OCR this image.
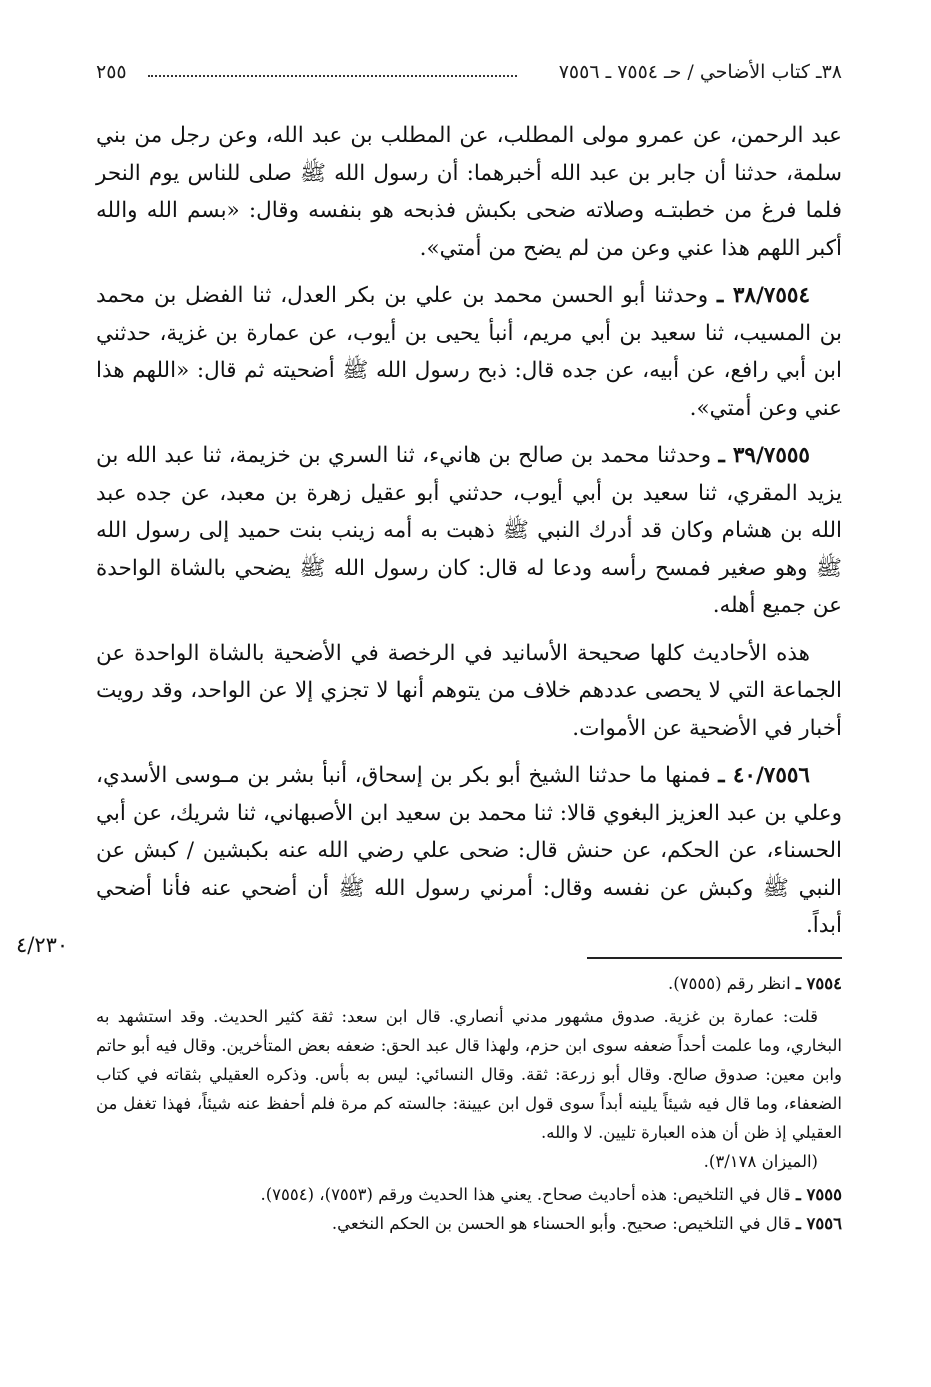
٣٨ـ كتاب الأضاحي / حـ ٧٥٥٤ ـ ٧٥٥٦
٢٥٥

عبد الرحمن، عن عمرو مولى المطلب، عن المطلب بن عبد الله، وعن رجل من بني سلمة، حدثنا أن جابر بن عبد الله أخبرهما: أن رسول الله ﷺ صلى للناس يوم النحر فلما فرغ من خطبتـه وصلاته ضحى بكبش فذبحه هو بنفسه وقال: «بسم الله والله أكبر اللهم هذا عني وعن من لم يضح من أمتي».

٣٨/٧٥٥٤ ـ وحدثنا أبو الحسن محمد بن علي بن بكر العدل، ثنا الفضل بن محمد بن المسيب، ثنا سعيد بن أبي مريم، أنبأ يحيى بن أيوب، عن عمارة بن غزية، حدثني ابن أبي رافع، عن أبيه، عن جده قال: ذبح رسول الله ﷺ أضحيته ثم قال: «اللهم هذا عني وعن أمتي».

٣٩/٧٥٥٥ ـ وحدثنا محمد بن صالح بن هانيء، ثنا السري بن خزيمة، ثنا عبد الله بن يزيد المقري، ثنا سعيد بن أبي أيوب، حدثني أبو عقيل زهرة بن معبد، عن جده عبد الله بن هشام وكان قد أدرك النبي ﷺ ذهبت به أمه زينب بنت حميد إلى رسول الله ﷺ وهو صغير فمسح رأسه ودعا له قال: كان رسول الله ﷺ يضحي بالشاة الواحدة عن جميع أهله.

هذه الأحاديث كلها صحيحة الأسانيد في الرخصة في الأضحية بالشاة الواحدة عن الجماعة التي لا يحصى عددهم خلاف من يتوهم أنها لا تجزي إلا عن الواحد، وقد رويت أخبار في الأضحية عن الأموات.

٤٠/٧٥٥٦ ـ فمنها ما حدثنا الشيخ أبو بكر بن إسحاق، أنبأ بشر بن مـوسى الأسدي، وعلي بن عبد العزيز البغوي قالا: ثنا محمد بن سعيد ابن الأصبهاني، ثنا شريك، عن أبي الحسناء، عن الحكم، عن حنش قال: ضحى علي رضي الله عنه بكبشين / كبش عن النبي ﷺ وكبش عن نفسه وقال: أمرني رسول الله ﷺ أن أضحي عنه فأنا أضحي أبداً.

٤/٢٣٠

٧٥٥٤ ـ انظر رقم (٧٥٥٥).

قلت: عمارة بن غزية. صدوق مشهور مدني أنصاري. قال ابن سعد: ثقة كثير الحديث. وقد استشهد به البخاري، وما علمت أحداً ضعفه سوى ابن حزم، ولهذا قال عبد الحق: ضعفه بعض المتأخرين. وقال فيه أبو حاتم وابن معين: صدوق صالح. وقال أبو زرعة: ثقة. وقال النسائي: ليس به بأس. وذكره العقيلي بثقاته في كتاب الضعفاء، وما قال فيه شيئاً يلينه أبداً سوى قول ابن عيينة: جالسته كم مرة فلم أحفظ عنه شيئاً، فهذا تغفل من العقيلي إذ ظن أن هذه العبارة تليين. لا والله.

(الميزان ٣/١٧٨).

٧٥٥٥ ـ قال في التلخيص: هذه أحاديث صحاح. يعني هذا الحديث ورقم (٧٥٥٣)، (٧٥٥٤).

٧٥٥٦ ـ قال في التلخيص: صحيح. وأبو الحسناء هو الحسن بن الحكم النخعي.
